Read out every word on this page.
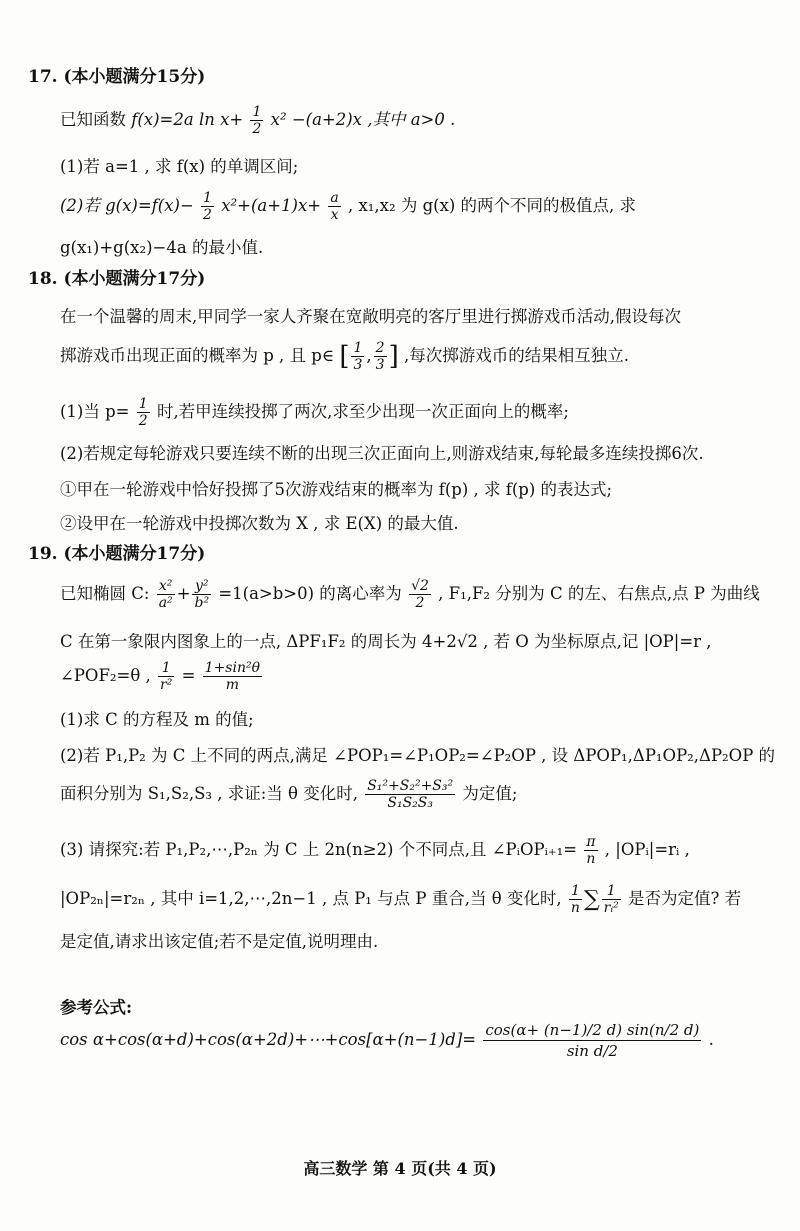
17. (本小题满分15分)
已知函数 f(x)=2a $\ln x+ \frac{1}{2} x^2 -(a+2)x$ ,其中 a>0 .
(1)若 a=1 , 求 f(x) 的单调区间;
(2)若 $g(x)=f(x)- \frac{1}{2} x^2+(a+1)x+ \frac{a}{x}$ , x₁,x₂ 为 g(x) 的两个不同的极值点, 求
g(x₁)+g(x₂)−4a 的最小值.
18. (本小题满分17分)
在一个温馨的周末,甲同学一家人齐聚在宽敞明亮的客厅里进行掷游戏币活动,假设每次
掷游戏币出现正面的概率为 p , 且 p∈ [ $\frac{1}{3}$ , $\frac{2}{3}$ ] ,每次掷游戏币的结果相互独立.
(1)当 $p= \frac{1}{2}$ 时,若甲连续投掷了两次,求至少出现一次正面向上的概率;
(2)若规定每轮游戏只要连续不断的出现三次正面向上,则游戏结束,每轮最多连续投掷6次.
①甲在一轮游戏中恰好投掷了5次游戏结束的概率为 f(p) , 求 f(p) 的表达式;
②设甲在一轮游戏中投掷次数为 X , 求 E(X) 的最大值.
19. (本小题满分17分)
已知椭圆 C: $\frac{\text{x²}}{\text{a²}} + \frac{\text{y²}}{\text{b²}} =1(a>b>0)$ 的离心率为 $\frac{√2}{2}$ , F₁,F₂ 分别为 C 的左、右焦点,点 P 为曲线
C 在第一象限内图象上的一点, ΔPF₁F₂ 的周长为 4+2√2 , 若 O 为坐标原点,记 |OP|=r ,
∠POF₂=θ , $\frac{1}{\text{r²}} = \frac{\text{1+sin²θ}}{m}$
(1)求 C 的方程及 m 的值;
(2)若 P₁,P₂ 为 C 上不同的两点,满足 ∠POP₁=∠P₁OP₂=∠P₂OP , 设 ΔPOP₁,ΔP₁OP₂,ΔP₂OP 的
面积分别为 S₁,S₂,S₃ , 求证:当 θ 变化时, $\frac{\text{S₁²+S₂²+S₃²}}{\text{S₁S₂S₃}}$ 为定值;
(3) 请探究:若 P₁,P₂,⋯,P₂ₙ 为 C 上 2n(n≥2) 个不同点,且 ∠PᵢOPᵢ₊₁= $\frac{\pi}{n}$ , |OPᵢ|=rᵢ ,
|OP₂ₙ|=r₂ₙ , 其中 i=1,2,⋯,2n−1 , 点 P₁ 与点 P 重合,当 θ 变化时, $\frac{1}{n}$ ∑ $\frac{1}{\text{rᵢ²}}$ 是否为定值? 若
是定值,请求出该定值;若不是定值,说明理由.
参考公式:
cos α+cos(α+d)+cos(α+2d)+⋯+cos[α+(n−1)d]= $\frac{\cos(\alpha+ (n-1)/2 d) \sin(n/2 d)}{\text{sin d/2}}$ .
高三数学 第 4 页(共 4 页)
